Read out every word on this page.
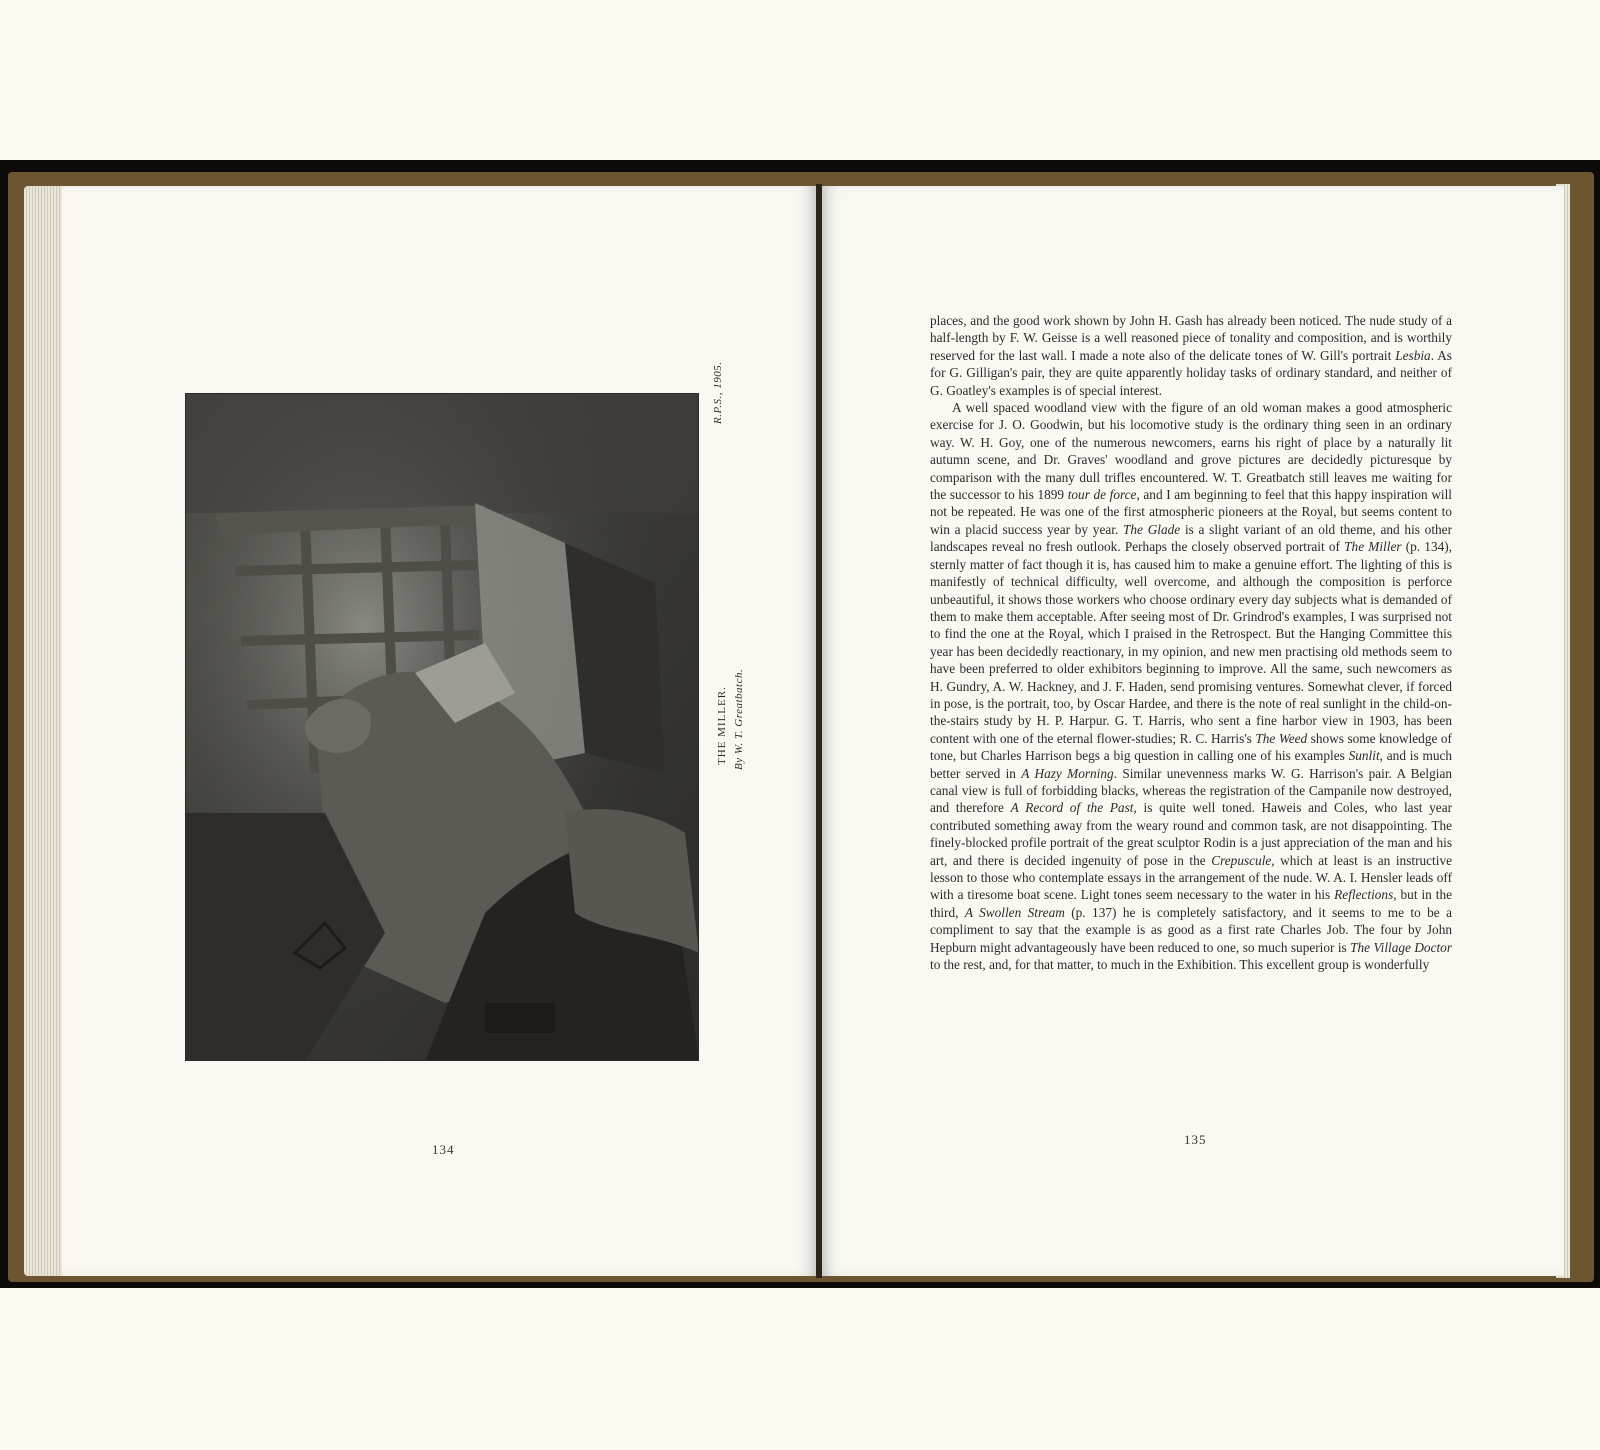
R.P.S., 1905.
THE MILLER. By W. T. Greatbatch.
134

places, and the good work shown by John H. Gash has already been noticed. The nude study of a half-length by F. W. Geisse is a well reasoned piece of tonality and composition, and is worthily reserved for the last wall. I made a note also of the delicate tones of W. Gill's portrait Lesbia. As for G. Gilligan's pair, they are quite apparently holiday tasks of ordinary standard, and neither of G. Goatley's examples is of special interest.

A well spaced woodland view with the figure of an old woman makes a good atmospheric exercise for J. O. Goodwin, but his locomotive study is the ordinary thing seen in an ordinary way. W. H. Goy, one of the numerous newcomers, earns his right of place by a naturally lit autumn scene, and Dr. Graves' woodland and grove pictures are decidedly picturesque by comparison with the many dull trifles encountered. W. T. Greatbatch still leaves me waiting for the successor to his 1899 tour de force, and I am beginning to feel that this happy inspiration will not be repeated. He was one of the first atmospheric pioneers at the Royal, but seems content to win a placid success year by year. The Glade is a slight variant of an old theme, and his other landscapes reveal no fresh outlook. Perhaps the closely observed portrait of The Miller (p. 134), sternly matter of fact though it is, has caused him to make a genuine effort. The lighting of this is manifestly of technical difficulty, well overcome, and although the composition is perforce unbeautiful, it shows those workers who choose ordinary every day subjects what is demanded of them to make them acceptable. After seeing most of Dr. Grindrod's examples, I was surprised not to find the one at the Royal, which I praised in the Retrospect. But the Hanging Committee this year has been decidedly reactionary, in my opinion, and new men practising old methods seem to have been preferred to older exhibitors beginning to improve. All the same, such newcomers as H. Gundry, A. W. Hackney, and J. F. Haden, send promising ventures. Somewhat clever, if forced in pose, is the portrait, too, by Oscar Hardee, and there is the note of real sunlight in the child-on-the-stairs study by H. P. Harpur. G. T. Harris, who sent a fine harbor view in 1903, has been content with one of the eternal flower-studies; R. C. Harris's The Weed shows some knowledge of tone, but Charles Harrison begs a big question in calling one of his examples Sunlit, and is much better served in A Hazy Morning. Similar unevenness marks W. G. Harrison's pair. A Belgian canal view is full of forbidding blacks, whereas the registration of the Campanile now destroyed, and therefore A Record of the Past, is quite well toned. Haweis and Coles, who last year contributed something away from the weary round and common task, are not disappointing. The finely-blocked profile portrait of the great sculptor Rodin is a just appreciation of the man and his art, and there is decided ingenuity of pose in the Crepuscule, which at least is an instructive lesson to those who contemplate essays in the arrangement of the nude. W. A. I. Hensler leads off with a tiresome boat scene. Light tones seem necessary to the water in his Reflections, but in the third, A Swollen Stream (p. 137) he is completely satisfactory, and it seems to me to be a compliment to say that the example is as good as a first rate Charles Job. The four by John Hepburn might advantageously have been reduced to one, so much superior is The Village Doctor to the rest, and, for that matter, to much in the Exhibition. This excellent group is wonderfully

135
